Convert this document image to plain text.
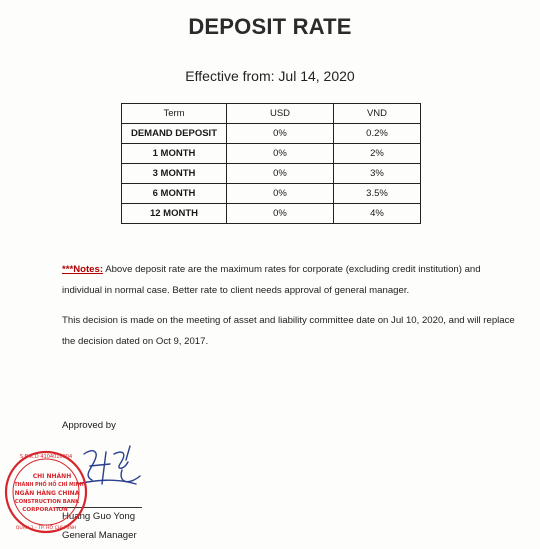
DEPOSIT RATE
Effective from: Jul 14, 2020
Term	USD	VND
DEMAND DEPOSIT	0%	0.2%
1 MONTH	0%	2%
3 MONTH	0%	3%
6 MONTH	0%	3.5%
12 MONTH	0%	4%
***Notes: Above deposit rate are the maximum rates for corporate (excluding credit institution) and individual in normal case. Better rate to client needs approval of general manager.
This decision is made on the meeting of asset and liability committee date on Jul 10, 2020, and will replace the decision dated on Oct 9, 2017.
Approved by
Huang Guo Yong
General Manager
S.Đ.K.D 4104016004
CHI NHÁNH
THÀNH PHỐ HỒ CHÍ MINH
NGÂN HÀNG CHINA
CONSTRUCTION BANK
CORPORATION
QUẬN 1 - TP. HỒ CHÍ MINH
